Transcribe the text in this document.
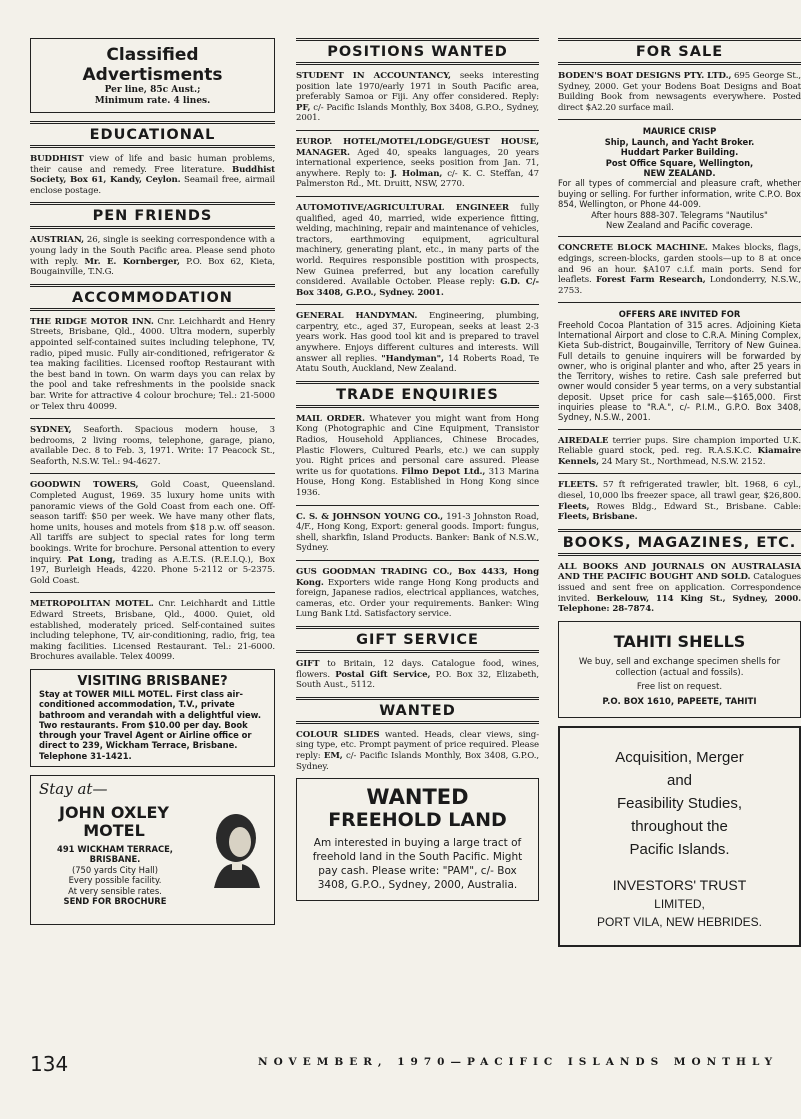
Classified Advertisments
Per line, 85c Aust.;
Minimum rate. 4 lines.
EDUCATIONAL

BUDDHIST view of life and basic human problems, their cause and remedy. Free literature. Buddhist Society, Box 61, Kandy, Ceylon. Seamail free, airmail enclose postage.

PEN FRIENDS

AUSTRIAN, 26, single is seeking correspondence with a young lady in the South Pacific area. Please send photo with reply. Mr. E. Kornberger, P.O. Box 62, Kieta, Bougainville, T.N.G.

ACCOMMODATION

THE RIDGE MOTOR INN. Cnr. Leichhardt and Henry Streets, Brisbane, Qld., 4000. Ultra modern, superbly appointed self-contained suites including telephone, TV, radio, piped music. Fully air-conditioned, refrigerator & tea making facilities. Licensed rooftop Restaurant with the best band in town. On warm days you can relax by the pool and take refreshments in the poolside snack bar. Write for attractive 4 colour brochure; Tel.: 21-5000 or Telex thru 40099.

SYDNEY, Seaforth. Spacious modern house, 3 bedrooms, 2 living rooms, telephone, garage, piano, available Dec. 8 to Feb. 3, 1971. Write: 17 Peacock St., Seaforth, N.S.W. Tel.: 94-4627.

GOODWIN TOWERS, Gold Coast, Queensland. Completed August, 1969. 35 luxury home units with panoramic views of the Gold Coast from each one. Off-season tariff: $50 per week. We have many other flats, home units, houses and motels from $18 p.w. off season. All tariffs are subject to special rates for long term bookings. Write for brochure. Personal attention to every inquiry. Pat Long, trading as A.E.T.S. (R.E.I.Q.), Box 197, Burleigh Heads, 4220. Phone 5-2112 or 5-2375. Gold Coast.

METROPOLITAN MOTEL. Cnr. Leichhardt and Little Edward Streets, Brisbane, Qld., 4000. Quiet, old established, moderately priced. Self-contained suites including telephone, TV, air-conditioning, radio, frig, tea making facilities. Licensed Restaurant. Tel.: 21-6000. Brochures available. Telex 40099.

VISITING BRISBANE?
Stay at TOWER MILL MOTEL. First class air-conditioned accommodation, T.V., private bathroom and verandah with a delightful view. Two restaurants. From $10.00 per day. Book through your Travel Agent or Airline office or direct to 239, Wickham Terrace, Brisbane. Telephone 31-1421.
Stay at—
JOHN OXLEY
MOTEL
491 WICKHAM TERRACE,
BRISBANE.
(750 yards City Hall)
Every possible facility.
At very sensible rates.
SEND FOR BROCHURE
POSITIONS WANTED

STUDENT IN ACCOUNTANCY, seeks interesting position late 1970/early 1971 in South Pacific area, preferably Samoa or Fiji. Any offer considered. Reply: PF, c/- Pacific Islands Monthly, Box 3408, G.P.O., Sydney, 2001.

EUROP. HOTEL/MOTEL/LODGE/GUEST HOUSE, MANAGER. Aged 40, speaks languages, 20 years international experience, seeks position from Jan. 71, anywhere. Reply to: J. Holman, c/- K. C. Steffan, 47 Palmerston Rd., Mt. Druitt, NSW, 2770.

AUTOMOTIVE/AGRICULTURAL ENGINEER fully qualified, aged 40, married, wide experience fitting, welding, machining, repair and maintenance of vehicles, tractors, earthmoving equipment, agricultural machinery, generating plant, etc., in many parts of the world. Requires responsible postition with prospects, New Guinea preferred, but any location carefully considered. Available October. Please reply: G.D. C/- Box 3408, G.P.O., Sydney. 2001.

GENERAL HANDYMAN. Engineering, plumbing, carpentry, etc., aged 37, European, seeks at least 2-3 years work. Has good tool kit and is prepared to travel anywhere. Enjoys different cultures and interests. Will answer all replies. "Handyman", 14 Roberts Road, Te Atatu South, Auckland, New Zealand.

TRADE ENQUIRIES

MAIL ORDER. Whatever you might want from Hong Kong (Photographic and Cine Equipment, Transistor Radios, Household Appliances, Chinese Brocades, Plastic Flowers, Cultured Pearls, etc.) we can supply you. Right prices and personal care assured. Please write us for quotations. Filmo Depot Ltd., 313 Marina House, Hong Kong. Established in Hong Kong since 1936.

C. S. & JOHNSON YOUNG CO., 191-3 Johnston Road, 4/F., Hong Kong, Export: general goods. Import: fungus, shell, sharkfin, Island Products. Banker: Bank of N.S.W., Sydney.

GUS GOODMAN TRADING CO., Box 4433, Hong Kong. Exporters wide range Hong Kong products and foreign, Japanese radios, electrical appliances, watches, cameras, etc. Order your requirements. Banker: Wing Lung Bank Ltd. Satisfactory service.

GIFT SERVICE

GIFT to Britain, 12 days. Catalogue food, wines, flowers. Postal Gift Service, P.O. Box 32, Elizabeth, South Aust., 5112.

WANTED

COLOUR SLIDES wanted. Heads, clear views, sing-sing type, etc. Prompt payment of price required. Please reply: EM, c/- Pacific Islands Monthly, Box 3408, G.P.O., Sydney.

WANTED
FREEHOLD LAND
Am interested in buying a large tract of freehold land in the South Pacific. Might pay cash. Please write: "PAM", c/- Box 3408, G.P.O., Sydney, 2000, Australia.
FOR SALE

BODEN'S BOAT DESIGNS PTY. LTD., 695 George St., Sydney, 2000. Get your Bodens Boat Designs and Boat Building Book from newsagents everywhere. Posted direct $A2.20 surface mail.

MAURICE CRISP
Ship, Launch, and Yacht Broker.
Huddart Parker Building.
Post Office Square, Wellington,
NEW ZEALAND.
For all types of commercial and pleasure craft, whether buying or selling. For further information, write C.P.O. Box 854, Wellington, or Phone 44-009.
After hours 888-307. Telegrams "Nautilus"
New Zealand and Pacific coverage.

CONCRETE BLOCK MACHINE. Makes blocks, flags, edgings, screen-blocks, garden stools—up to 8 at once and 96 an hour. $A107 c.i.f. main ports. Send for leaflets. Forest Farm Research, Londonderry, N.S.W., 2753.

OFFERS ARE INVITED FOR
Freehold Cocoa Plantation of 315 acres. Adjoining Kieta International Airport and close to C.R.A. Mining Complex, Kieta Sub-district, Bougainville, Territory of New Guinea. Full details to genuine inquirers will be forwarded by owner, who is original planter and who, after 25 years in the Territory, wishes to retire. Cash sale preferred but owner would consider 5 year terms, on a very substantial deposit. Upset price for cash sale—$165,000. First inquiries please to "R.A.", c/- P.I.M., G.P.O. Box 3408, Sydney, N.S.W., 2001.

AIREDALE terrier pups. Sire champion imported U.K. Reliable guard stock, ped. reg. R.A.S.K.C. Kiamaire Kennels, 24 Mary St., Northmead, N.S.W. 2152.

FLEETS. 57 ft refrigerated trawler, blt. 1968, 6 cyl., diesel, 10,000 lbs freezer space, all trawl gear, $26,800. Fleets, Rowes Bldg., Edward St., Brisbane. Cable: Fleets, Brisbane.

BOOKS, MAGAZINES, ETC.

ALL BOOKS AND JOURNALS ON AUSTRALASIA AND THE PACIFIC BOUGHT AND SOLD. Catalogues issued and sent free on application. Correspondence invited. Berkelouw, 114 King St., Sydney, 2000. Telephone: 28-7874.

TAHITI SHELLS
We buy, sell and exchange specimen shells for collection (actual and fossils).
Free list on request.
P.O. BOX 1610, PAPEETE, TAHITI
Acquisition, Merger
and
Feasibility Studies,
throughout the
Pacific Islands.
INVESTORS' TRUST
LIMITED,
PORT VILA, NEW HEBRIDES.
134	NOVEMBER, 1970—PACIFIC ISLANDS MONTHLY
